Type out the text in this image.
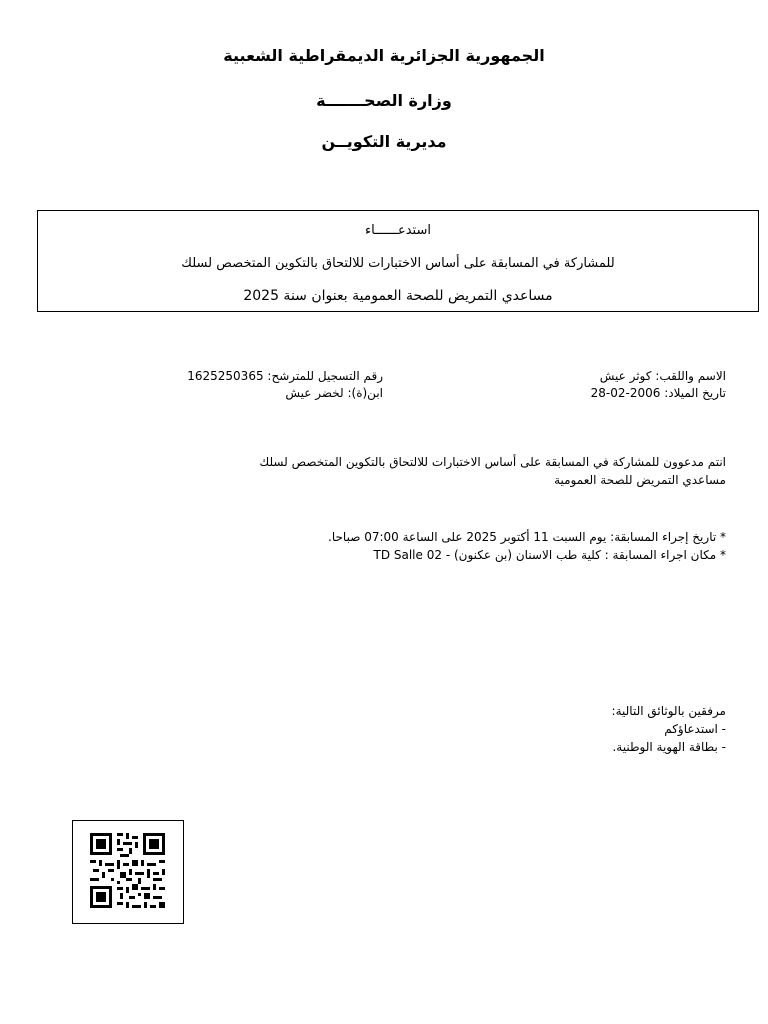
الجمهورية الجزائرية الديمقراطية الشعبية
وزارة الصحـــــــة
مديرية التكويــن
استدعــــــاء
للمشاركة في المسابقة على أساس الاختبارات للالتحاق بالتكوين المتخصص لسلك
مساعدي التمريض للصحة العمومية بعنوان سنة 2025
الاسم واللقب: كوثر عيش
تاريخ الميلاد: 2006-02-28
رقم التسجيل للمترشح: 1625250365
ابن(ة): لخضر عيش
انتم مدعوون للمشاركة في المسابقة على أساس الاختبارات للالتحاق بالتكوين المتخصص لسلك
مساعدي التمريض للصحة العمومية
* تاريخ إجراء المسابقة: يوم السبت 11 أكتوبر 2025 على الساعة 07:00 صباحا.
* مكان اجراء المسابقة : كلية طب الاسنان (بن عكنون) - 02 TD Salle
مرفقين بالوثائق التالية:
- استدعاؤكم
- بطاقة الهوية الوطنية.
